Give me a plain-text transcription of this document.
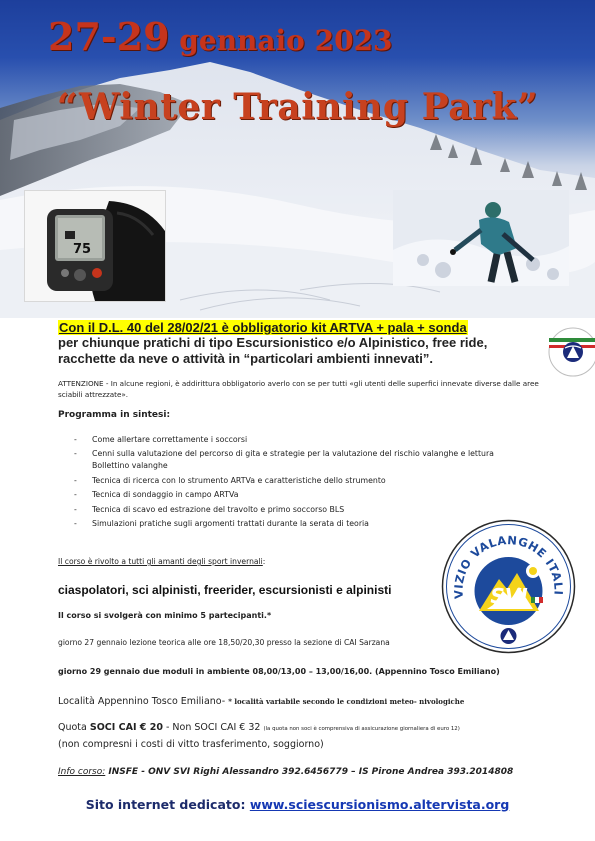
27-29 gennaio 2023
“Winter Training Park”
75

Con il D.L. 40 del 28/02/21 è obbligatorio kit ARTVA + pala + sonda

per chiunque pratichi di tipo Escursionistico e/o Alpinistico, free ride, racchette da neve o attività in “particolari ambienti innevati”.

ATTENZIONE - In alcune regioni, è addirittura obbligatorio averlo con se per tutti «gli utenti delle superfici innevate diverse dalle aree sciabili attrezzate».

Programma in sintesi:

- Come allertare correttamente i soccorsi
- Cenni sulla valutazione del percorso di gita e strategie per la valutazione del rischio valanghe e lettura Bollettino valanghe
- Tecnica di ricerca con lo strumento ARTVa e caratteristiche dello strumento
- Tecnica di sondaggio in campo ARTVa
- Tecnica di scavo ed estrazione del travolto e primo soccorso BLS
- Simulazioni pratiche sugli argomenti trattati durante la serata di teoria

Il corso è rivolto a tutti gli amanti degli sport invernali:

ciaspolatori, sci alpinisti, freerider, escursionisti e alpinisti

Il corso si svolgerà con minimo 5 partecipanti.*

giorno 27 gennaio lezione teorica alle ore 18,50/20,30 presso la sezione di CAI Sarzana

giorno 29 gennaio due moduli in ambiente 08,00/13,00 – 13,00/16,00. (Appennino Tosco Emiliano)

Località Appennino Tosco Emiliano- * località variabile secondo le condizioni meteo- nivologiche

Quota SOCI CAI € 20 - Non SOCI CAI € 32 (la quota non soci è comprensiva di assicurazione giornaliera di euro 12)

(non compresni i costi di vitto trasferimento, soggiorno)

Info corso: INSFE - ONV SVI Righi Alessandro 392.6456779 – IS Pirone Andrea 393.2014808

Sito internet dedicato: www.sciescursionismo.altervista.org

VIZIO VALANGHE ITALI
SVI
